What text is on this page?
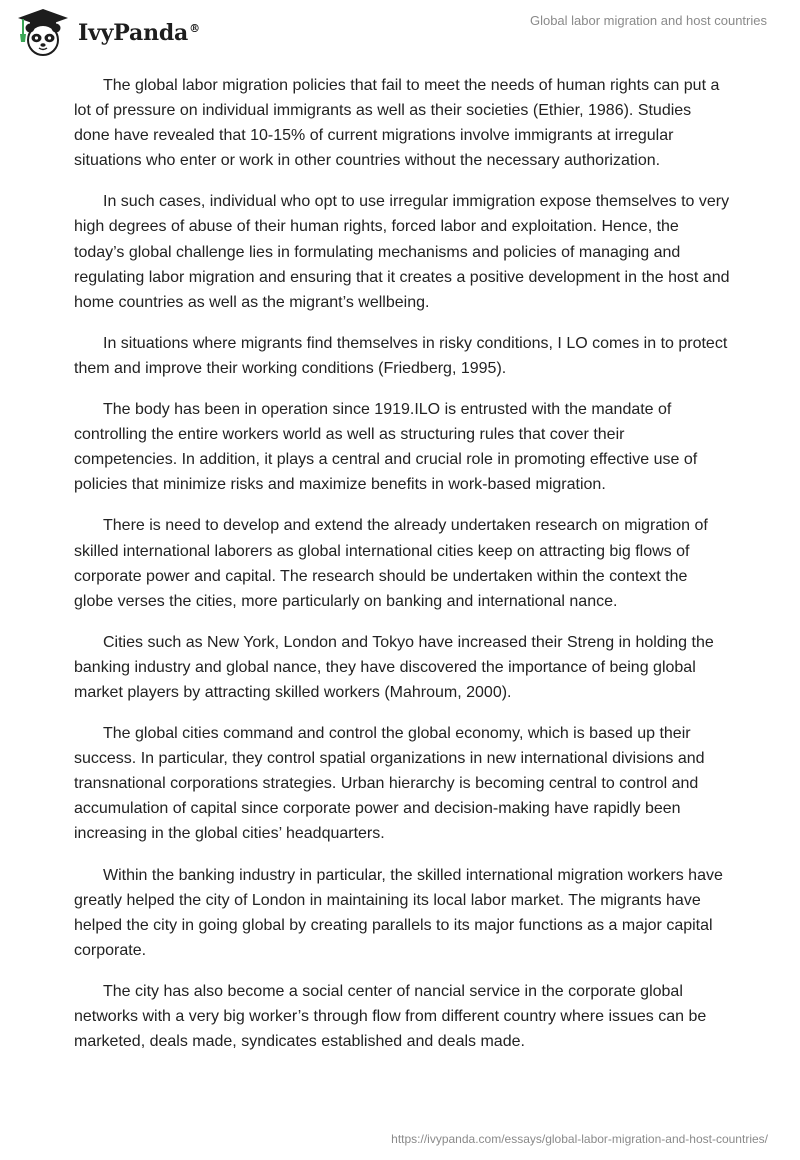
IvyPanda®
Global labor migration and host countries

The global labor migration policies that fail to meet the needs of human rights can put a lot of pressure on individual immigrants as well as their societies (Ethier, 1986). Studies done have revealed that 10-15% of current migrations involve immigrants at irregular situations who enter or work in other countries without the necessary authorization.

In such cases, individual who opt to use irregular immigration expose themselves to very high degrees of abuse of their human rights, forced labor and exploitation. Hence, the today’s global challenge lies in formulating mechanisms and policies of managing and regulating labor migration and ensuring that it creates a positive development in the host and home countries as well as the migrant’s wellbeing.

In situations where migrants find themselves in risky conditions, I LO comes in to protect them and improve their working conditions (Friedberg, 1995).

The body has been in operation since 1919.ILO is entrusted with the mandate of controlling the entire workers world as well as structuring rules that cover their competencies. In addition, it plays a central and crucial role in promoting effective use of policies that minimize risks and maximize benefits in work-based migration.

There is need to develop and extend the already undertaken research on migration of skilled international laborers as global international cities keep on attracting big flows of corporate power and capital. The research should be undertaken within the context the globe verses the cities, more particularly on banking and international nance.

Cities such as New York, London and Tokyo have increased their Streng in holding the banking industry and global nance, they have discovered the importance of being global market players by attracting skilled workers (Mahroum, 2000).

The global cities command and control the global economy, which is based up their success. In particular, they control spatial organizations in new international divisions and transnational corporations strategies. Urban hierarchy is becoming central to control and accumulation of capital since corporate power and decision-making have rapidly been increasing in the global cities’ headquarters.

Within the banking industry in particular, the skilled international migration workers have greatly helped the city of London in maintaining its local labor market. The migrants have helped the city in going global by creating parallels to its major functions as a major capital corporate.

The city has also become a social center of nancial service in the corporate global networks with a very big worker’s through flow from different country where issues can be marketed, deals made, syndicates established and deals made.

https://ivypanda.com/essays/global-labor-migration-and-host-countries/
